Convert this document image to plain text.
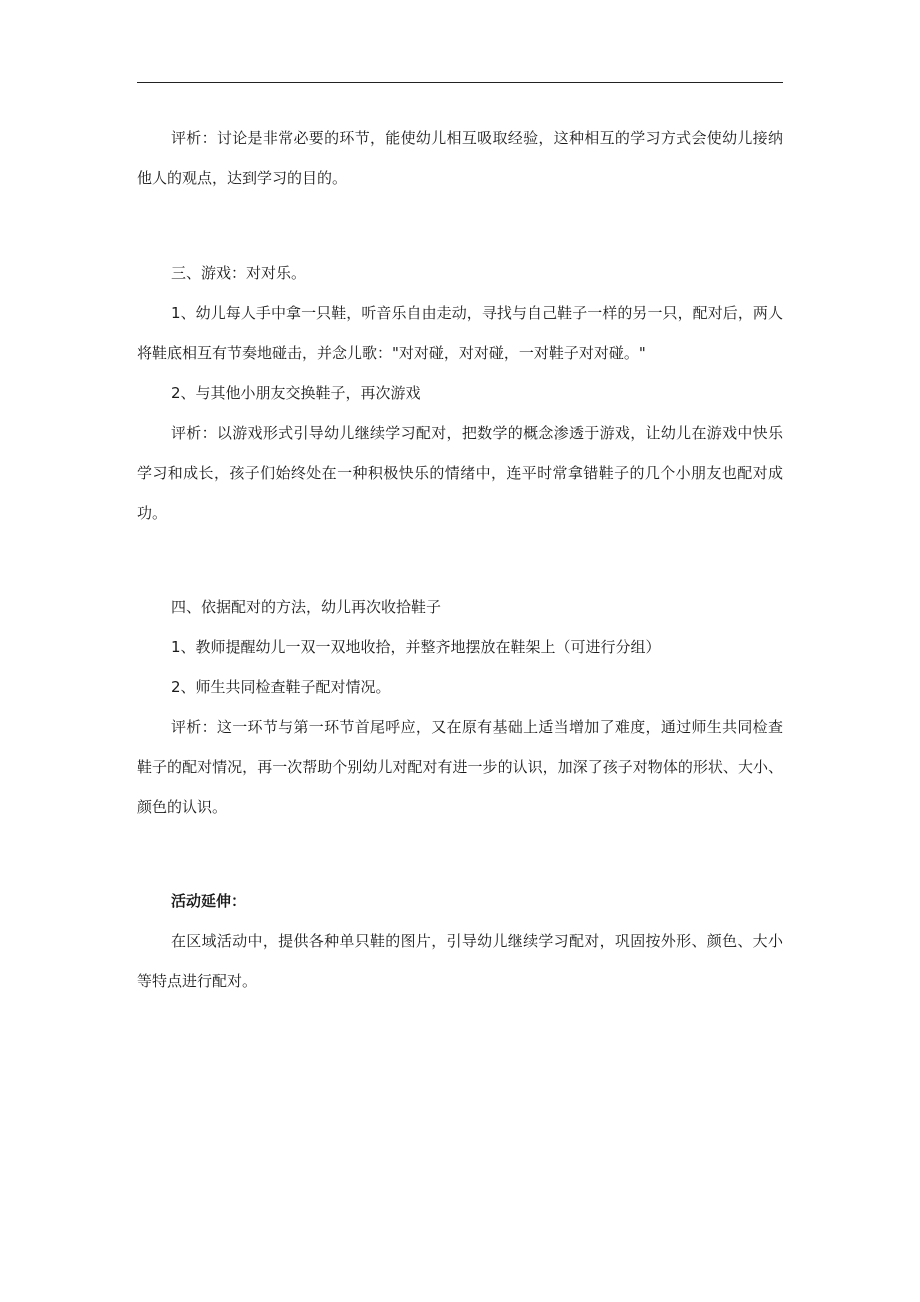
评析：讨论是非常必要的环节，能使幼儿相互吸取经验，这种相互的学习方式会使幼儿接纳他人的观点，达到学习的目的。

三、游戏：对对乐。

1、幼儿每人手中拿一只鞋，听音乐自由走动，寻找与自己鞋子一样的另一只，配对后，两人将鞋底相互有节奏地碰击，并念儿歌："对对碰，对对碰，一对鞋子对对碰。"

2、与其他小朋友交换鞋子，再次游戏

评析：以游戏形式引导幼儿继续学习配对，把数学的概念渗透于游戏，让幼儿在游戏中快乐学习和成长，孩子们始终处在一种积极快乐的情绪中，连平时常拿错鞋子的几个小朋友也配对成功。

四、依据配对的方法，幼儿再次收拾鞋子

1、教师提醒幼儿一双一双地收拾，并整齐地摆放在鞋架上（可进行分组）

2、师生共同检查鞋子配对情况。

评析：这一环节与第一环节首尾呼应，又在原有基础上适当增加了难度，通过师生共同检查鞋子的配对情况，再一次帮助个别幼儿对配对有进一步的认识，加深了孩子对物体的形状、大小、颜色的认识。

活动延伸：

在区域活动中，提供各种单只鞋的图片，引导幼儿继续学习配对，巩固按外形、颜色、大小等特点进行配对。
